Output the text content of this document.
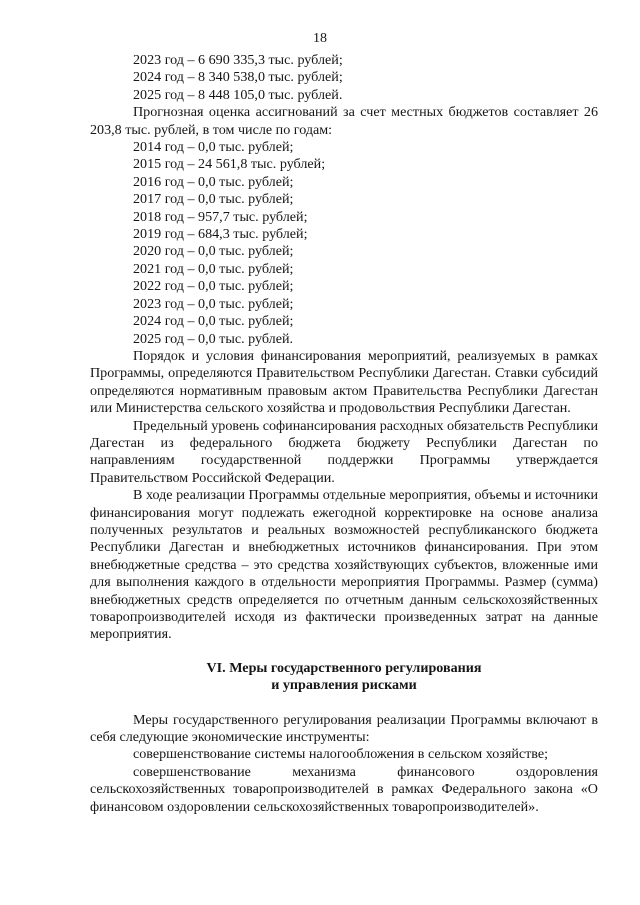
18

2023 год – 6 690 335,3 тыс. рублей;

2024 год – 8 340 538,0 тыс. рублей;

2025 год – 8 448 105,0 тыс. рублей.

Прогнозная оценка ассигнований за счет местных бюджетов составляет 26 203,8 тыс. рублей, в том числе по годам:

2014 год – 0,0 тыс. рублей;

2015 год – 24 561,8 тыс. рублей;

2016 год – 0,0 тыс. рублей;

2017 год – 0,0 тыс. рублей;

2018 год – 957,7 тыс. рублей;

2019 год – 684,3 тыс. рублей;

2020 год – 0,0 тыс. рублей;

2021 год – 0,0 тыс. рублей;

2022 год – 0,0 тыс. рублей;

2023 год – 0,0 тыс. рублей;

2024 год – 0,0 тыс. рублей;

2025 год – 0,0 тыс. рублей.

Порядок и условия финансирования мероприятий, реализуемых в рамках Программы, определяются Правительством Республики Дагестан. Ставки субсидий определяются нормативным правовым актом Правительства Республики Дагестан или Министерства сельского хозяйства и продовольствия Республики Дагестан.

Предельный уровень софинансирования расходных обязательств Республики Дагестан из федерального бюджета бюджету Республики Дагестан по направлениям государственной поддержки Программы утверждается Правительством Российской Федерации.

В ходе реализации Программы отдельные мероприятия, объемы и источники финансирования могут подлежать ежегодной корректировке на основе анализа полученных результатов и реальных возможностей республиканского бюджета Республики Дагестан и внебюджетных источников финансирования. При этом внебюджетные средства – это средства хозяйствующих субъектов, вложенные ими для выполнения каждого в отдельности мероприятия Программы. Размер (сумма) внебюджетных средств определяется по отчетным данным сельскохозяйственных товаропроизводителей исходя из фактически произведенных затрат на данные мероприятия.

VI. Меры государственного регулирования

и управления рисками

Меры государственного регулирования реализации Программы включают в себя следующие экономические инструменты:

совершенствование системы налогообложения в сельском хозяйстве;

совершенствование механизма финансового оздоровления сельскохозяйственных товаропроизводителей в рамках Федерального закона «О финансовом оздоровлении сельскохозяйственных товаропроизводителей».
